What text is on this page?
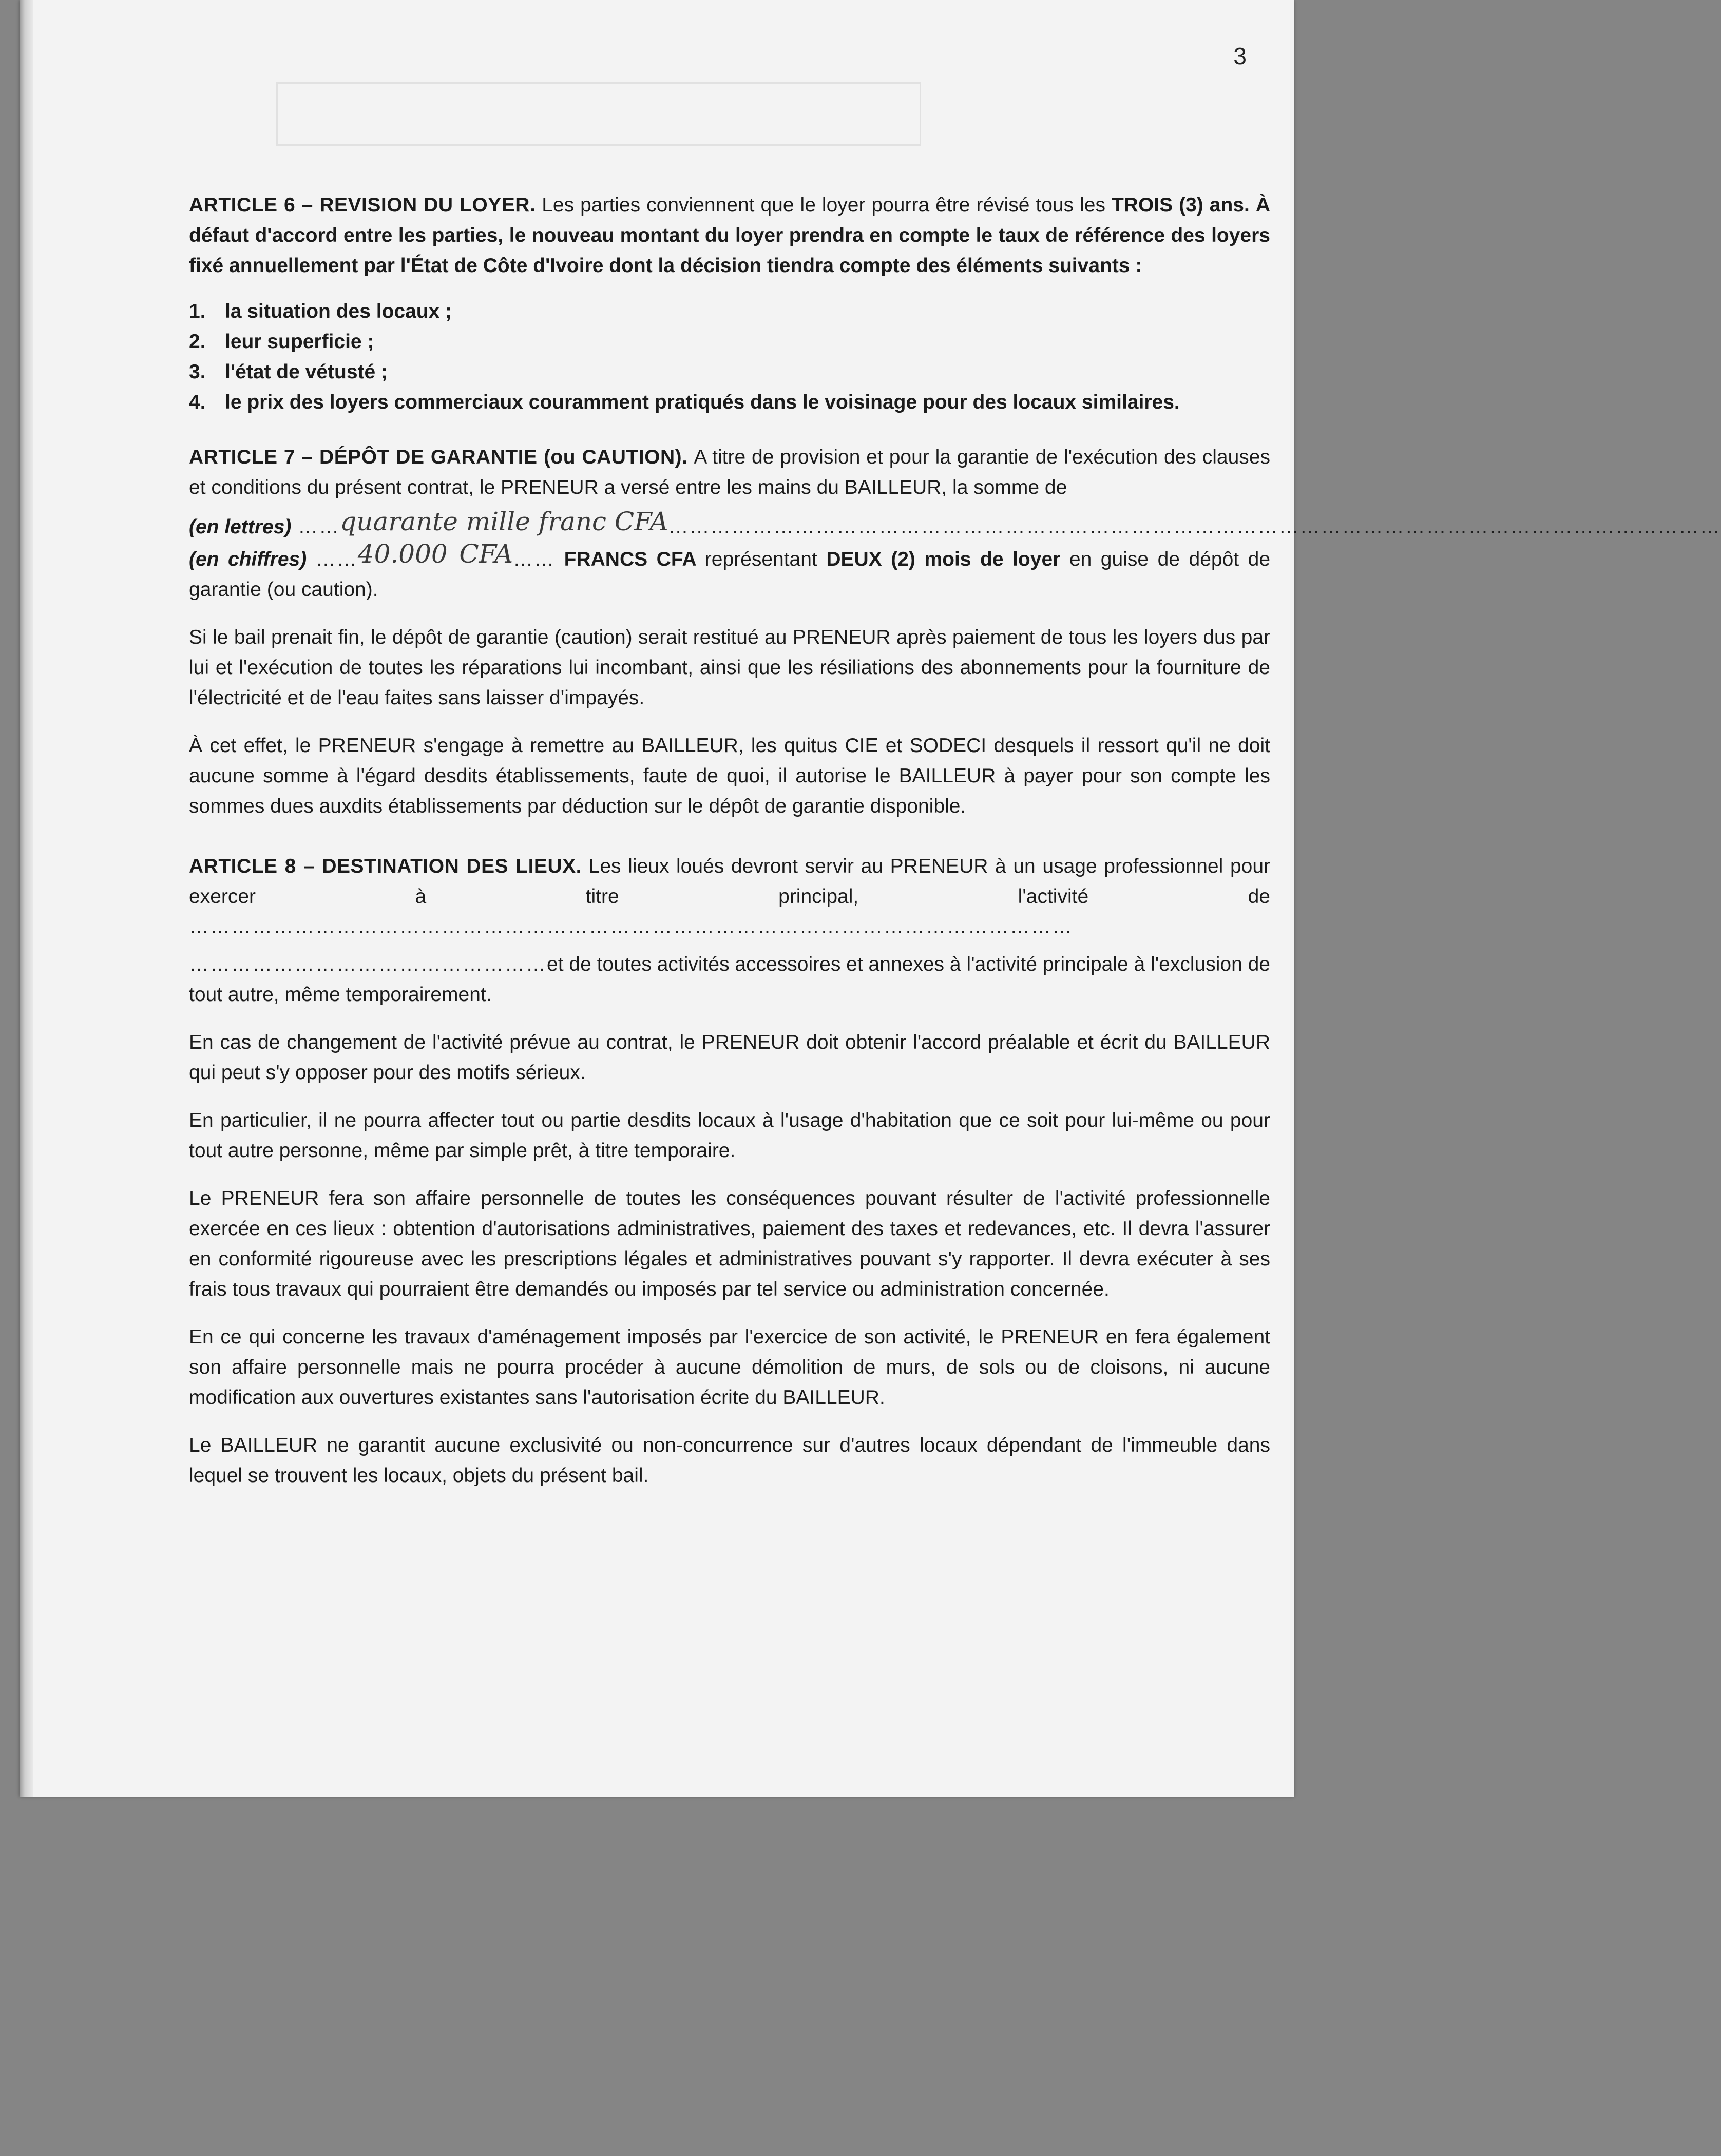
3

ARTICLE 6 – REVISION DU LOYER. Les parties conviennent que le loyer pourra être révisé tous les TROIS (3) ans. À défaut d'accord entre les parties, le nouveau montant du loyer prendra en compte le taux de référence des loyers fixé annuellement par l'État de Côte d'Ivoire dont la décision tiendra compte des éléments suivants :

1. la situation des locaux ;
2. leur superficie ;
3. l'état de vétusté ;
4. le prix des loyers commerciaux couramment pratiqués dans le voisinage pour des locaux similaires.

ARTICLE 7 – DÉPÔT DE GARANTIE (ou CAUTION). A titre de provision et pour la garantie de l'exécution des clauses et conditions du présent contrat, le PRENEUR a versé entre les mains du BAILLEUR, la somme de

(en lettres) …… quarante mille franc CFA ……………………………………………………………………………………………………………………………………

(en chiffres) ……40.000 CFA…… FRANCS CFA représentant DEUX (2) mois de loyer en guise de dépôt de garantie (ou caution).

Si le bail prenait fin, le dépôt de garantie (caution) serait restitué au PRENEUR après paiement de tous les loyers dus par lui et l'exécution de toutes les réparations lui incombant, ainsi que les résiliations des abonnements pour la fourniture de l'électricité et de l'eau faites sans laisser d'impayés.

À cet effet, le PRENEUR s'engage à remettre au BAILLEUR, les quitus CIE et SODECI desquels il ressort qu'il ne doit aucune somme à l'égard desdits établissements, faute de quoi, il autorise le BAILLEUR à payer pour son compte les sommes dues auxdits établissements par déduction sur le dépôt de garantie disponible.

ARTICLE 8 – DESTINATION DES LIEUX. Les lieux loués devront servir au PRENEUR à un usage professionnel pour exercer à titre principal, l'activité de ………………………………………………………………………………………………………………

……………………………………………et de toutes activités accessoires et annexes à l'activité principale à l'exclusion de tout autre, même temporairement.

En cas de changement de l'activité prévue au contrat, le PRENEUR doit obtenir l'accord préalable et écrit du BAILLEUR qui peut s'y opposer pour des motifs sérieux.

En particulier, il ne pourra affecter tout ou partie desdits locaux à l'usage d'habitation que ce soit pour lui-même ou pour tout autre personne, même par simple prêt, à titre temporaire.

Le PRENEUR fera son affaire personnelle de toutes les conséquences pouvant résulter de l'activité professionnelle exercée en ces lieux : obtention d'autorisations administratives, paiement des taxes et redevances, etc. Il devra l'assurer en conformité rigoureuse avec les prescriptions légales et administratives pouvant s'y rapporter. Il devra exécuter à ses frais tous travaux qui pourraient être demandés ou imposés par tel service ou administration concernée.

En ce qui concerne les travaux d'aménagement imposés par l'exercice de son activité, le PRENEUR en fera également son affaire personnelle mais ne pourra procéder à aucune démolition de murs, de sols ou de cloisons, ni aucune modification aux ouvertures existantes sans l'autorisation écrite du BAILLEUR.

Le BAILLEUR ne garantit aucune exclusivité ou non-concurrence sur d'autres locaux dépendant de l'immeuble dans lequel se trouvent les locaux, objets du présent bail.
